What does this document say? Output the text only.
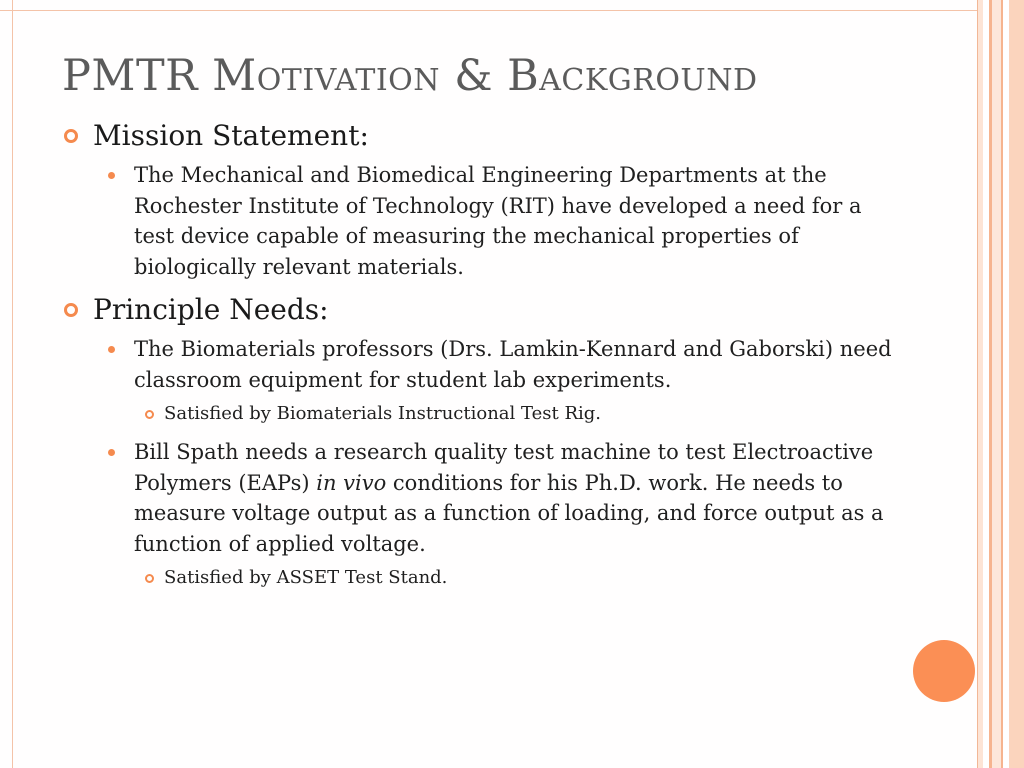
PMTR Motivation & Background
Mission Statement:
The Mechanical and Biomedical Engineering Departments at the Rochester Institute of Technology (RIT) have developed a need for a test device capable of measuring the mechanical properties of biologically relevant materials.
Principle Needs:
The Biomaterials professors (Drs. Lamkin-Kennard and Gaborski) need classroom equipment for student lab experiments.
Satisfied by Biomaterials Instructional Test Rig.
Bill Spath needs a research quality test machine to test Electroactive Polymers (EAPs) in vivo conditions for his Ph.D. work. He needs to measure voltage output as a function of loading, and force output as a function of applied voltage.
Satisfied by ASSET Test Stand.
